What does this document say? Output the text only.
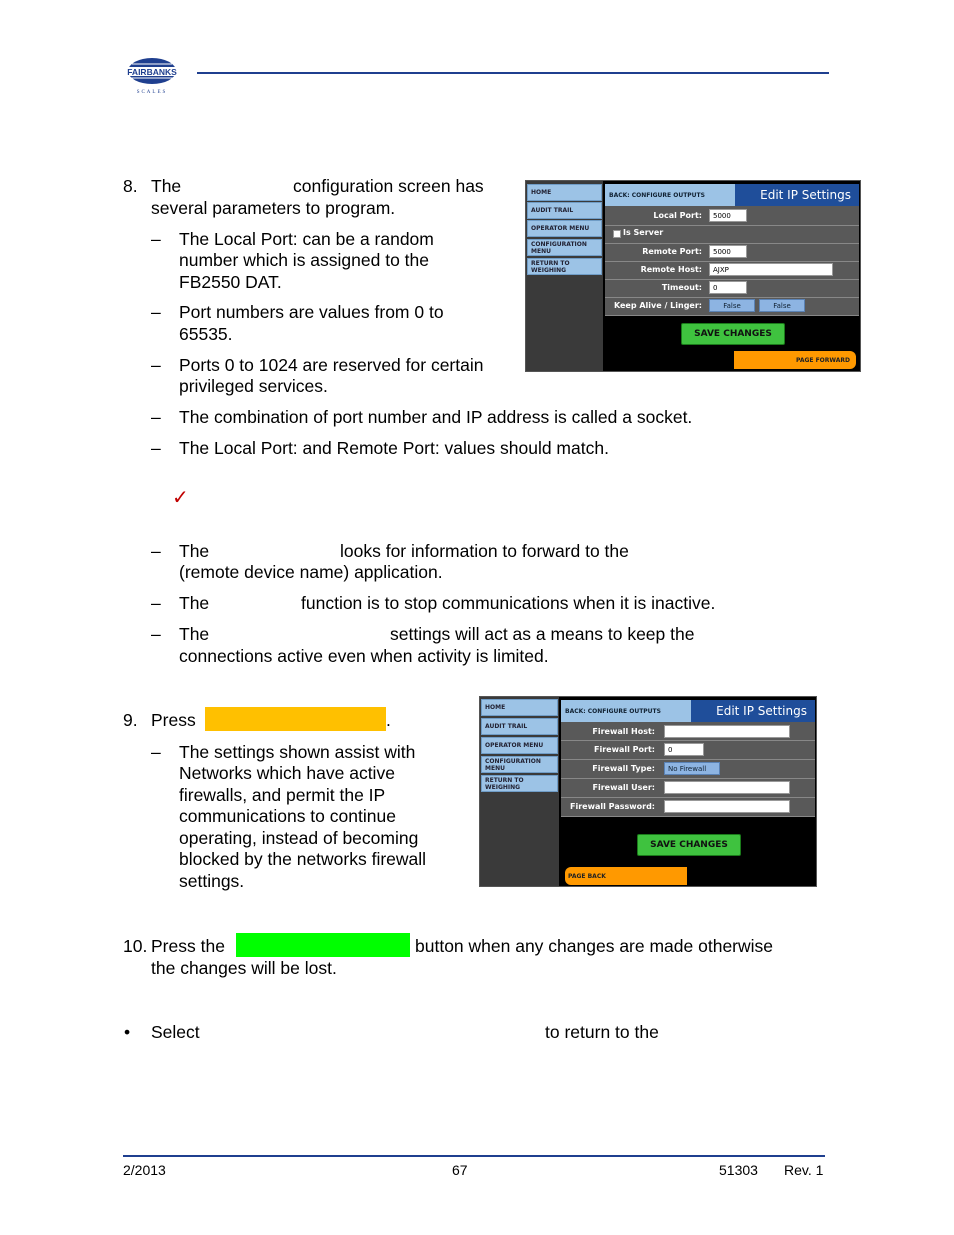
FAIRBANKS
SCALES
8. The	configuration screen has
several parameters to program.
– The Local Port: can be a random
number which is assigned to the
FB2550 DAT.
– Port numbers are values from 0 to
65535.
– Ports 0 to 1024 are reserved for certain
privileged services.
– The combination of port number and IP address is called a socket.
– The Local Port: and Remote Port: values should match.
HOME
AUDIT TRAIL
OPERATOR MENU
CONFIGURATION MENU
RETURN TO WEIGHING
BACK: CONFIGURE OUTPUTS	Edit IP Settings
Local Port:	5000
Is Server
Remote Port:	5000
Remote Host:	AJXP
Timeout:	0
Keep Alive / Linger:	False	False
SAVE CHANGES
PAGE FORWARD
✓
– The	looks for information to forward to the
(remote device name) application.
– The	function is to stop communications when it is inactive.
– The	settings will act as a means to keep the
connections active even when activity is limited.
9. Press	.
– The settings shown assist with
Networks which have active
firewalls, and permit the IP
communications to continue
operating, instead of becoming
blocked by the networks firewall
settings.
HOME
AUDIT TRAIL
OPERATOR MENU
CONFIGURATION MENU
RETURN TO WEIGHING
BACK: CONFIGURE OUTPUTS	Edit IP Settings
Firewall Host:
Firewall Port:	0
Firewall Type:	No Firewall
Firewall User:
Firewall Password:
SAVE CHANGES
PAGE BACK
10. Press the	button when any changes are made otherwise
the changes will be lost.
• Select	to return to the
2/2013	67	51303 Rev. 1
